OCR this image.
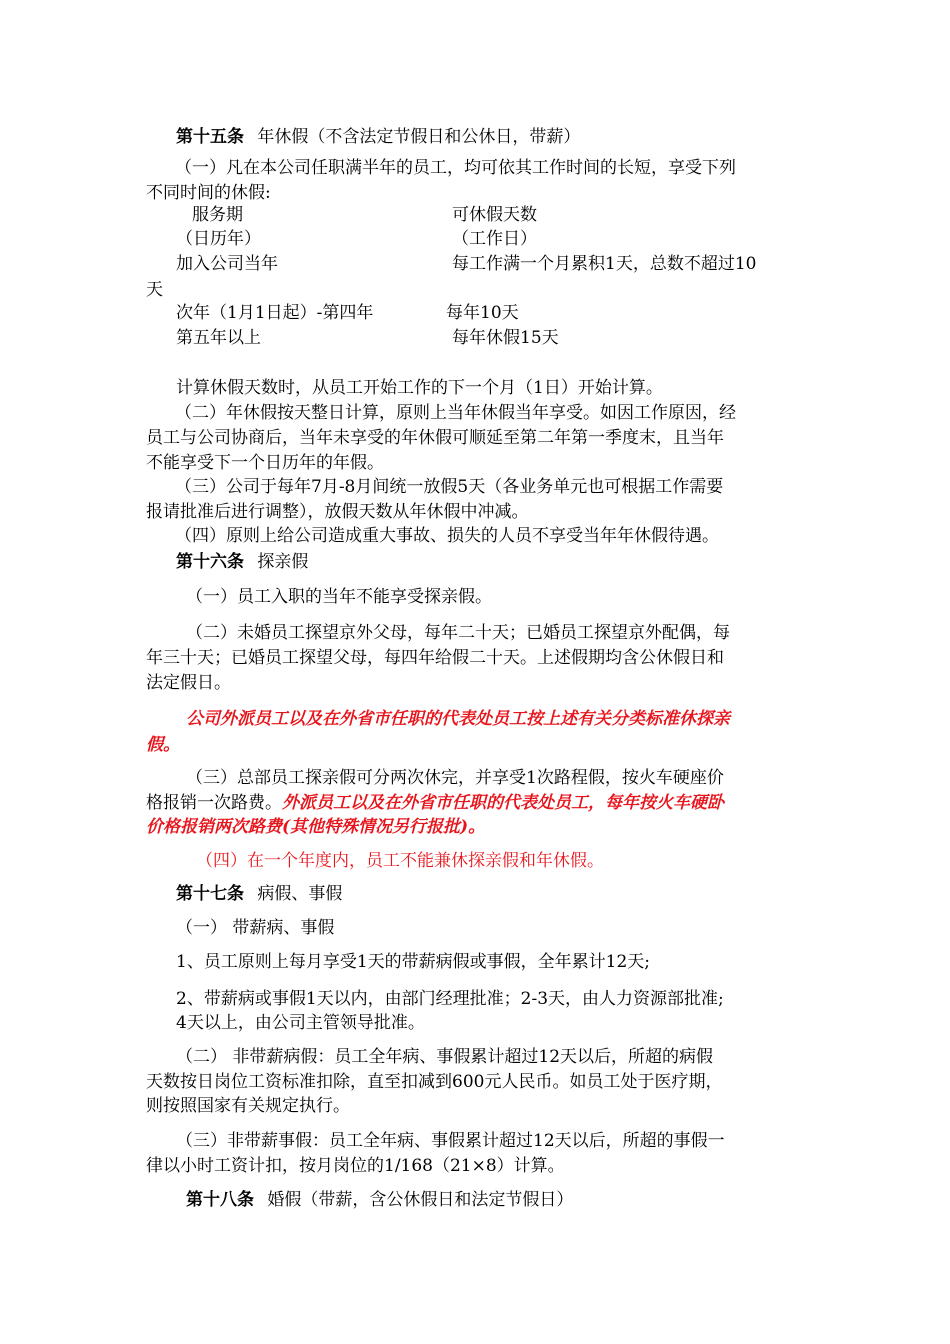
第十五条 年休假（不含法定节假日和公休日，带薪）
（一）凡在本公司任职满半年的员工，均可依其工作时间的长短，享受下列
不同时间的休假:
服务期	可休假天数
（日历年）	（工作日）
加入公司当年	每工作满一个月累积1天，总数不超过10
天
次年（1月1日起）-第四年	每年10天
第五年以上	每年休假15天
计算休假天数时，从员工开始工作的下一个月（1日）开始计算。
（二）年休假按天整日计算，原则上当年休假当年享受。如因工作原因，经
员工与公司协商后，当年未享受的年休假可顺延至第二年第一季度末，且当年
不能享受下一个日历年的年假。
（三）公司于每年7月-8月间统一放假5天（各业务单元也可根据工作需要
报请批准后进行调整），放假天数从年休假中冲减。
（四）原则上给公司造成重大事故、损失的人员不享受当年年休假待遇。
第十六条 探亲假
（一）员工入职的当年不能享受探亲假。
（二）未婚员工探望京外父母，每年二十天；已婚员工探望京外配偶，每
年三十天；已婚员工探望父母，每四年给假二十天。上述假期均含公休假日和
法定假日。
公司外派员工以及在外省市任职的代表处员工按上述有关分类标准休探亲
假。
（三）总部员工探亲假可分两次休完，并享受1次路程假，按火车硬座价
格报销一次路费。外派员工以及在外省市任职的代表处员工，每年按火车硬卧
价格报销两次路费(其他特殊情况另行报批)。
（四）在一个年度内，员工不能兼休探亲假和年休假。
第十七条 病假、事假
（一） 带薪病、事假
1、员工原则上每月享受1天的带薪病假或事假，全年累计12天;
2、带薪病或事假1天以内，由部门经理批准；2-3天，由人力资源部批准;
4天以上，由公司主管领导批准。
（二） 非带薪病假：员工全年病、事假累计超过12天以后，所超的病假
天数按日岗位工资标准扣除，直至扣减到600元人民币。如员工处于医疗期，
则按照国家有关规定执行。
（三）非带薪事假：员工全年病、事假累计超过12天以后，所超的事假一
律以小时工资计扣，按月岗位的1/168（21×8）计算。
第十八条 婚假（带薪，含公休假日和法定节假日）
